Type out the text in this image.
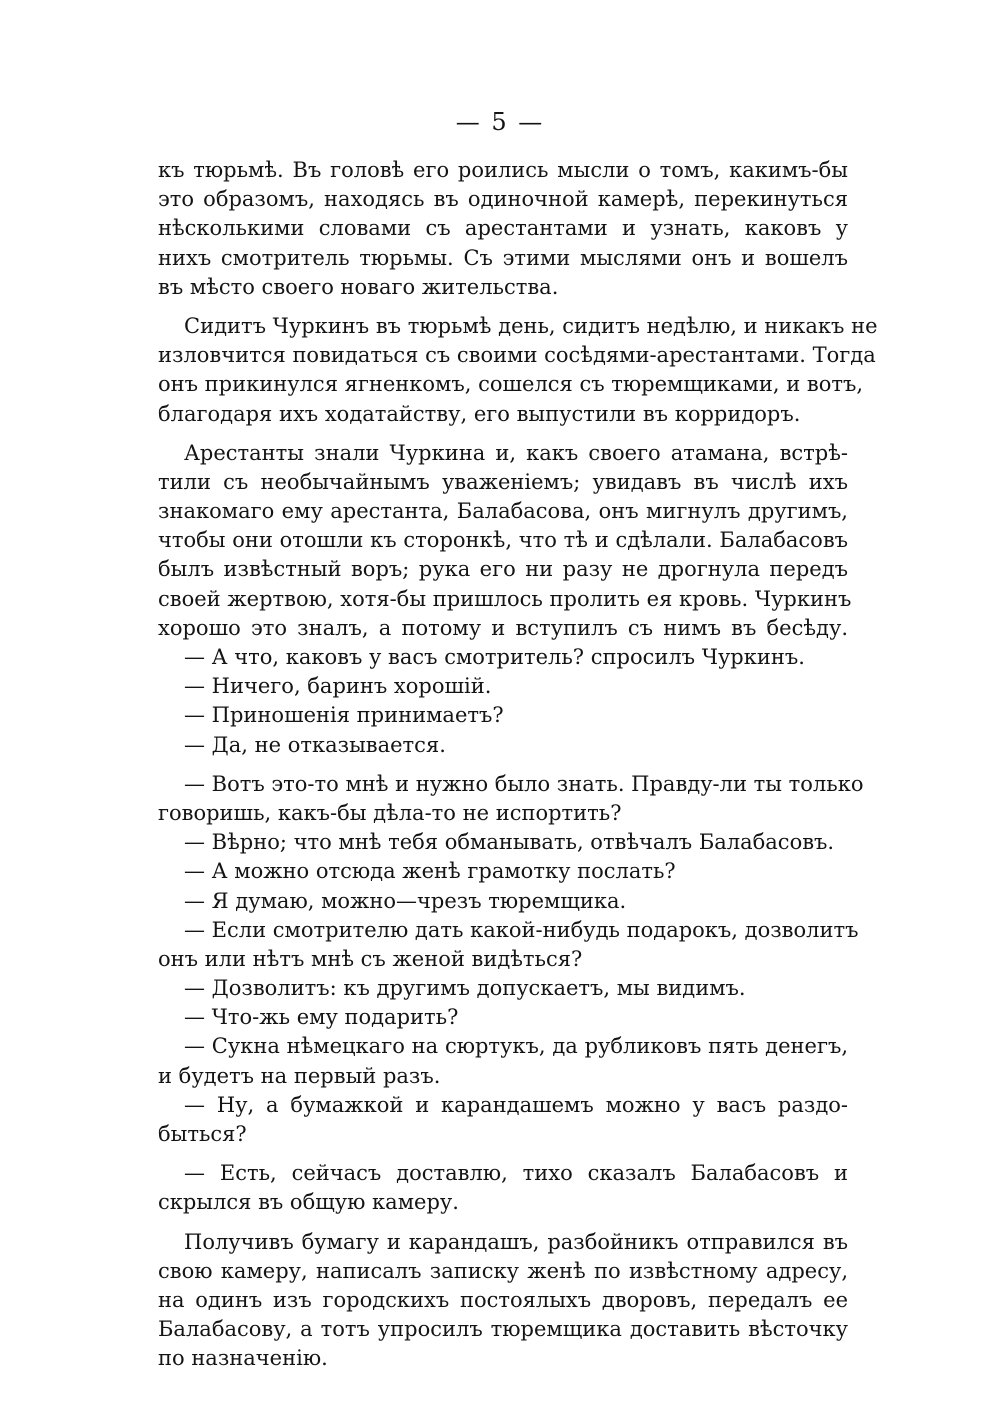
— 5 —
къ тюрьмѣ. Въ головѣ его роились мысли о томъ, какимъ-бы
это образомъ, находясь въ одиночной камерѣ, перекинуться
нѣсколькими словами съ арестантами и узнать, каковъ у
нихъ смотритель тюрьмы. Съ этими мыслями онъ и вошелъ
въ мѣсто своего новаго жительства.
Сидитъ Чуркинъ въ тюрьмѣ день, сидитъ недѣлю, и никакъ не
изловчится повидаться съ своими сосѣдями-арестантами. Тогда
онъ прикинулся ягненкомъ, сошелся съ тюремщиками, и вотъ,
благодаря ихъ ходатайству, его выпустили въ корридоръ.
Арестанты знали Чуркина и, какъ своего атамана, встрѣ-
тили съ необычайнымъ уваженіемъ; увидавъ въ числѣ ихъ
знакомаго ему арестанта, Балабасова, онъ мигнулъ другимъ,
чтобы они отошли къ сторонкѣ, что тѣ и сдѣлали. Балабасовъ
былъ извѣстный воръ; рука его ни разу не дрогнула передъ
своей жертвою, хотя-бы пришлось пролить ея кровь. Чуркинъ
хорошо это зналъ, а потому и вступилъ съ нимъ въ бесѣду.
— А что, каковъ у васъ смотритель? спросилъ Чуркинъ.
— Ничего, баринъ хорошій.
— Приношенія принимаетъ?
— Да, не отказывается.
— Вотъ это-то мнѣ и нужно было знать. Правду-ли ты только
говоришь, какъ-бы дѣла-то не испортить?
— Вѣрно; что мнѣ тебя обманывать, отвѣчалъ Балабасовъ.
— А можно отсюда женѣ грамотку послать?
— Я думаю, можно—чрезъ тюремщика.
— Если смотрителю дать какой-нибудь подарокъ, дозволитъ
онъ или нѣтъ мнѣ съ женой видѣться?
— Дозволитъ: къ другимъ допускаетъ, мы видимъ.
— Что-жь ему подарить?
— Сукна нѣмецкаго на сюртукъ, да рубликовъ пять денегъ,
и будетъ на первый разъ.
— Ну, а бумажкой и карандашемъ можно у васъ раздо-
быться?
— Есть, сейчасъ доставлю, тихо сказалъ Балабасовъ и
скрылся въ общую камеру.
Получивъ бумагу и карандашъ, разбойникъ отправился въ
свою камеру, написалъ записку женѣ по извѣстному адресу,
на одинъ изъ городскихъ постоялыхъ дворовъ, передалъ ее
Балабасову, а тотъ упросилъ тюремщика доставить вѣсточку
по назначенію.
